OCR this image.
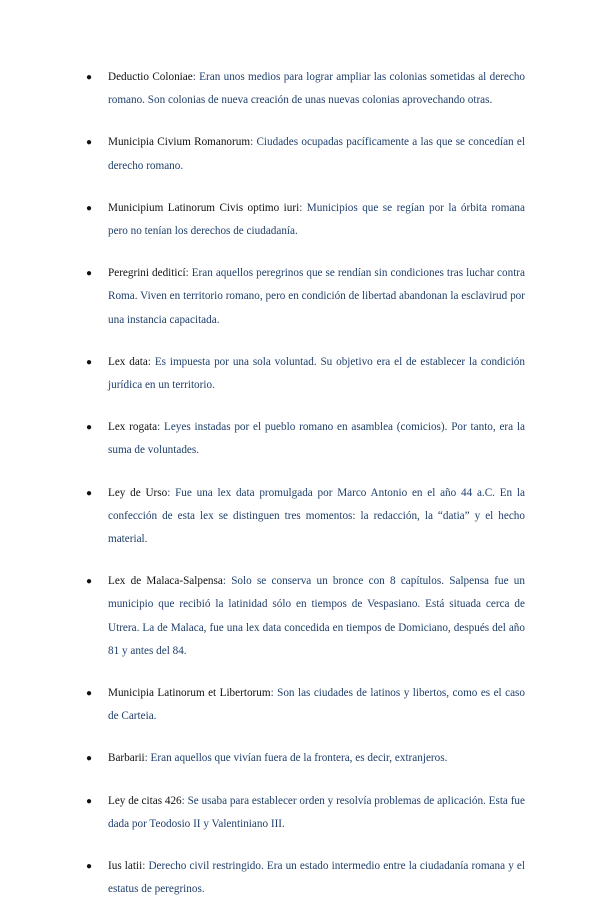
● Deductio Coloniae: Eran unos medios para lograr ampliar las colonias sometidas al derecho romano. Son colonias de nueva creación de unas nuevas colonias aprovechando otras.
● Municipia Civium Romanorum: Ciudades ocupadas pacíficamente a las que se concedían el derecho romano.
● Municipium Latinorum Civis optimo iuri: Municipios que se regían por la órbita romana pero no tenían los derechos de ciudadanía.
● Peregrini dediticí: Eran aquellos peregrinos que se rendían sin condiciones tras luchar contra Roma. Viven en territorio romano, pero en condición de libertad abandonan la esclavirud por una instancia capacitada.
● Lex data: Es impuesta por una sola voluntad. Su objetivo era el de establecer la condición jurídica en un territorio.
● Lex rogata: Leyes instadas por el pueblo romano en asamblea (comicios). Por tanto, era la suma de voluntades.
● Ley de Urso: Fue una lex data promulgada por Marco Antonio en el año 44 a.C. En la confección de esta lex se distinguen tres momentos: la redacción, la “datia” y el hecho material.
● Lex de Malaca-Salpensa: Solo se conserva un bronce con 8 capítulos. Salpensa fue un municipio que recibió la latinidad sólo en tiempos de Vespasiano. Está situada cerca de Utrera. La de Malaca, fue una lex data concedida en tiempos de Domiciano, después del año 81 y antes del 84.
● Municipia Latinorum et Libertorum: Son las ciudades de latinos y libertos, como es el caso de Carteia.
● Barbarii: Eran aquellos que vivían fuera de la frontera, es decir, extranjeros.
● Ley de citas 426: Se usaba para establecer orden y resolvía problemas de aplicación. Esta fue dada por Teodosio II y Valentiniano III.
● Ius latii: Derecho civil restringido. Era un estado intermedio entre la ciudadanía romana y el estatus de peregrinos.
